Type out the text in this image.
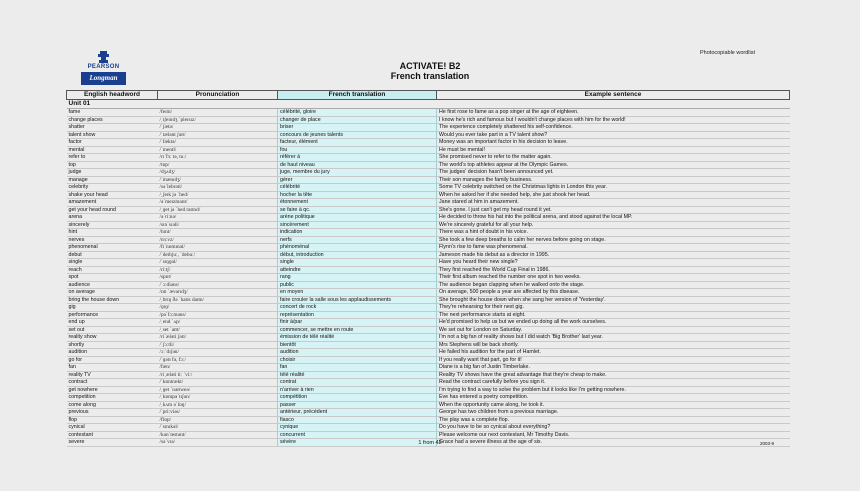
PEARSON
Longman
Photocopiable wordlist
ACTIVATE! B2
French translation
English headword	Pronunciation	French translation	Example sentence
Unit 01			
fame	/feɪm/	célébrité, gloire	He first rose to fame as a pop singer at the age of eighteen.
change places	/ˌtʃeɪndʒ ˈpleɪsɪz/	changer de place	I know he's rich and famous but I wouldn't change places with him for the world!
shatter	/ˈʃætə/	briser	The experience completely shattered his self-confidence.
talent show	/ˈtælənt ʃəʊ/	concours de jeunes talents	Would you ever take part in a TV talent show?
factor	/ˈfæktə/	facteur, élément	Money was an important factor in his decision to leave.
mental	/ˈmentl/	fou	He must be mental!
refer to	/rɪˈfɜː tə, tuː/	référer à	She promised never to refer to the matter again.
top	/tɒp/	de haut niveau	The world's top athletes appear at the Olympic Games.
judge	/dʒʌdʒ/	juge, membre du jury	The judges' decision hasn't been announced yet.
manage	/ˈmænɪdʒ/	gérer	Their son manages the family business.
celebrity	/səˈlebrəti/	célébrité	Some TV celebrity switched on the Christmas lights in London this year.
shake your head	/ˌʃeɪk jə ˈhed/	hocher la tête	When he asked her if she needed help, she just shook her head.
amazement	/əˈmeɪzmənt/	étonnement	Jane stared at him in amazement.
get your head round	/ˌɡet jə ˈhed raʊnd/	se faire à qc.	She's gone. I just can't get my head round it yet.
arena	/əˈriːnə/	arène politique	He decided to throw his hat into the political arena, and stood against the local MP.
sincerely	/sɪnˈsɪəli/	sincèrement	We're sincerely grateful for all your help.
hint	/hɪnt/	indication	There was a hint of doubt in his voice.
nerves	/nɜːvz/	nerfs	She took a few deep breaths to calm her nerves before going on stage.
phenomenal	/fɪˈnɒmɪnəl/	phénoménal	Flynn's rise to fame was phenomenal.
debut	/ˈdeɪbjuː, ˈdebuː/	début, introduction	Jameson made his debut as a director in 1995.
single	/ˈsɪŋɡəl/	single	Have you heard their new single?
reach	/riːtʃ/	atteindre	They first reached the World Cup Final in 1986.
spot	/spɒt/	rang	Their first album reached the number one spot in two weeks.
audience	/ˈɔːdiəns/	public	The audience began clapping when he walked onto the stage.
on average	/ɒn ˈævərɪdʒ/	en moyen	On average, 500 people a year are affected by this disease.
bring the house down	/ˌbrɪŋ ðə ˈhaʊs daʊn/	faire crouler la salle sous les applaudissements	She brought the house down when she sang her version of 'Yesterday'.
gig	/ɡɪɡ/	concert de rock	They're rehearsing for their next gig.
performance	/pəˈfɔːməns/	représentation	The next performance starts at eight.
end up	/ˌend ˈʌp/	finir à/par	He'd promised to help us but we ended up doing all the work ourselves.
set out	/ˌset ˈaʊt/	commencer, se mettre en route	We set out for London on Saturday.
reality show	/riˈæləti ʃəʊ/	émission de télé réalité	I'm not a big fan of reality shows but I did watch 'Big Brother' last year.
shortly	/ˈʃɔːtli/	bientôt	Mrs Stephens will be back shortly.
audition	/ɔːˈdɪʃən/	audition	He failed his audition for the part of Hamlet.
go for	/ˈɡəʊ fə, fɔː/	choisir	If you really want that part, go for it!
fan	/fæn/	fan	Diane is a big fan of Justin Timberlake.
reality TV	/riˌæləti tiː ˈviː/	télé réalité	Reality TV shows have the great advantage that they're cheap to make.
contract	/ˈkɒntrækt/	contrat	Read the contract carefully before you sign it.
get nowhere	/ˌɡet ˈnəʊweə/	n'arriver à rien	I'm trying to find a way to solve the problem but it looks like I'm getting nowhere.
competition	/ˌkɒmpəˈtɪʃən/	compétition	Eve has entered a poetry competition.
come along	/ˌkʌm əˈlɒŋ/	passer	When the opportunity came along, he took it.
previous	/ˈpriːviəs/	antérieur, précédent	George has two children from a previous marriage.
flop	/flɒp/	fiasco	The play was a complete flop.
cynical	/ˈsɪnɪkəl/	cynique	Do you have to be so cynical about everything?
contestant	/kənˈtestənt/	concurrent	Please welcome our next contestant, Mr Timothy Davis.
severe	/səˈvɪə/	sévère	Grace had a severe illness at the age of six.
1 from 42	2003-9
